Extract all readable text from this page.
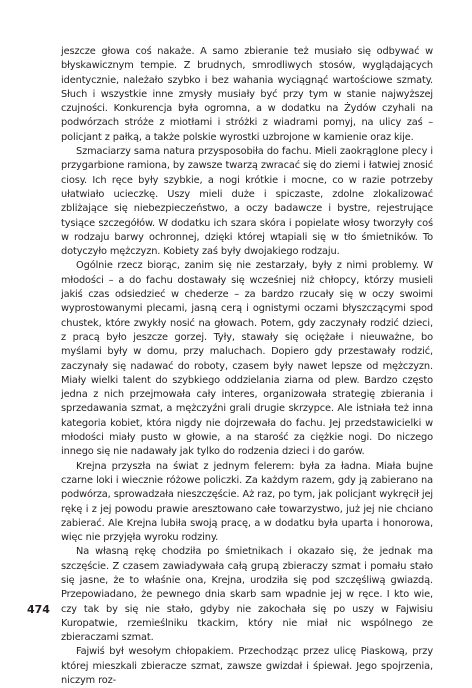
jeszcze głowa coś nakaże. A samo zbieranie też musiało się odbywać w błyskawicznym tempie. Z brudnych, smrodliwych stosów, wyglądających identycznie, należało szybko i bez wahania wyciągnąć wartościowe szmaty. Słuch i wszystkie inne zmysły musiały być przy tym w stanie najwyższej czujności. Konkurencja była ogromna, a w dodatku na Żydów czyhali na podwórzach stróże z miotłami i stróżki z wiadrami pomyj, na ulicy zaś – policjant z pałką, a także polskie wyrostki uzbrojone w kamienie oraz kije.

Szmaciarzy sama natura przysposobiła do fachu. Mieli zaokrąglone plecy i przygarbione ramiona, by zawsze twarzą zwracać się do ziemi i łatwiej znosić ciosy. Ich ręce były szybkie, a nogi krótkie i mocne, co w razie potrzeby ułatwiało ucieczkę. Uszy mieli duże i spiczaste, zdolne zlokalizować zbliżające się niebezpieczeństwo, a oczy badawcze i bystre, rejestrujące tysiące szczegółów. W dodatku ich szara skóra i popielate włosy tworzyły coś w rodzaju barwy ochronnej, dzięki której wtapiali się w tło śmietników. To dotyczyło mężczyzn. Kobiety zaś były dwojakiego rodzaju.

Ogólnie rzecz biorąc, zanim się nie zestarzały, były z nimi problemy. W młodości – a do fachu dostawały się wcześniej niż chłopcy, którzy musieli jakiś czas odsiedzieć w chederze – za bardzo rzucały się w oczy swoimi wyprostowanymi plecami, jasną cerą i ognistymi oczami błyszczącymi spod chustek, które zwykły nosić na głowach. Potem, gdy zaczynały rodzić dzieci, z pracą było jeszcze gorzej. Tyły, stawały się ociężałe i nieuważne, bo myślami były w domu, przy maluchach. Dopiero gdy przestawały rodzić, zaczynały się nadawać do roboty, czasem były nawet lepsze od mężczyzn. Miały wielki talent do szybkiego oddzielania ziarna od plew. Bardzo często jedna z nich przejmowała cały interes, organizowała strategię zbierania i sprzedawania szmat, a mężczyźni grali drugie skrzypce. Ale istniała też inna kategoria kobiet, która nigdy nie dojrzewała do fachu. Jej przedstawicielki w młodości miały pusto w głowie, a na starość za ciężkie nogi. Do niczego innego się nie nadawały jak tylko do rodzenia dzieci i do garów.

Krejna przyszła na świat z jednym felerem: była za ładna. Miała bujne czarne loki i wiecznie różowe policzki. Za każdym razem, gdy ją zabierano na podwórza, sprowadzała nieszczęście. Aż raz, po tym, jak policjant wykręcił jej rękę i z jej powodu prawie aresztowano całe towarzystwo, już jej nie chciano zabierać. Ale Krejna lubiła swoją pracę, a w dodatku była uparta i honorowa, więc nie przyjęła wyroku rodziny.

Na własną rękę chodziła po śmietnikach i okazało się, że jednak ma szczęście. Z czasem zawiadywała całą grupą zbieraczy szmat i pomału stało się jasne, że to właśnie ona, Krejna, urodziła się pod szczęśliwą gwiazdą. Przepowiadano, że pewnego dnia skarb sam wpadnie jej w ręce. I kto wie, czy tak by się nie stało, gdyby nie zakochała się po uszy w Fajwisiu Kuropatwie, rzemieślniku tkackim, który nie miał nic wspólnego ze zbieraczami szmat.

Fajwiś był wesołym chłopakiem. Przechodząc przez ulicę Piaskową, przy której mieszkali zbieracze szmat, zawsze gwizdał i śpiewał. Jego spojrzenia, niczym roz-

474
